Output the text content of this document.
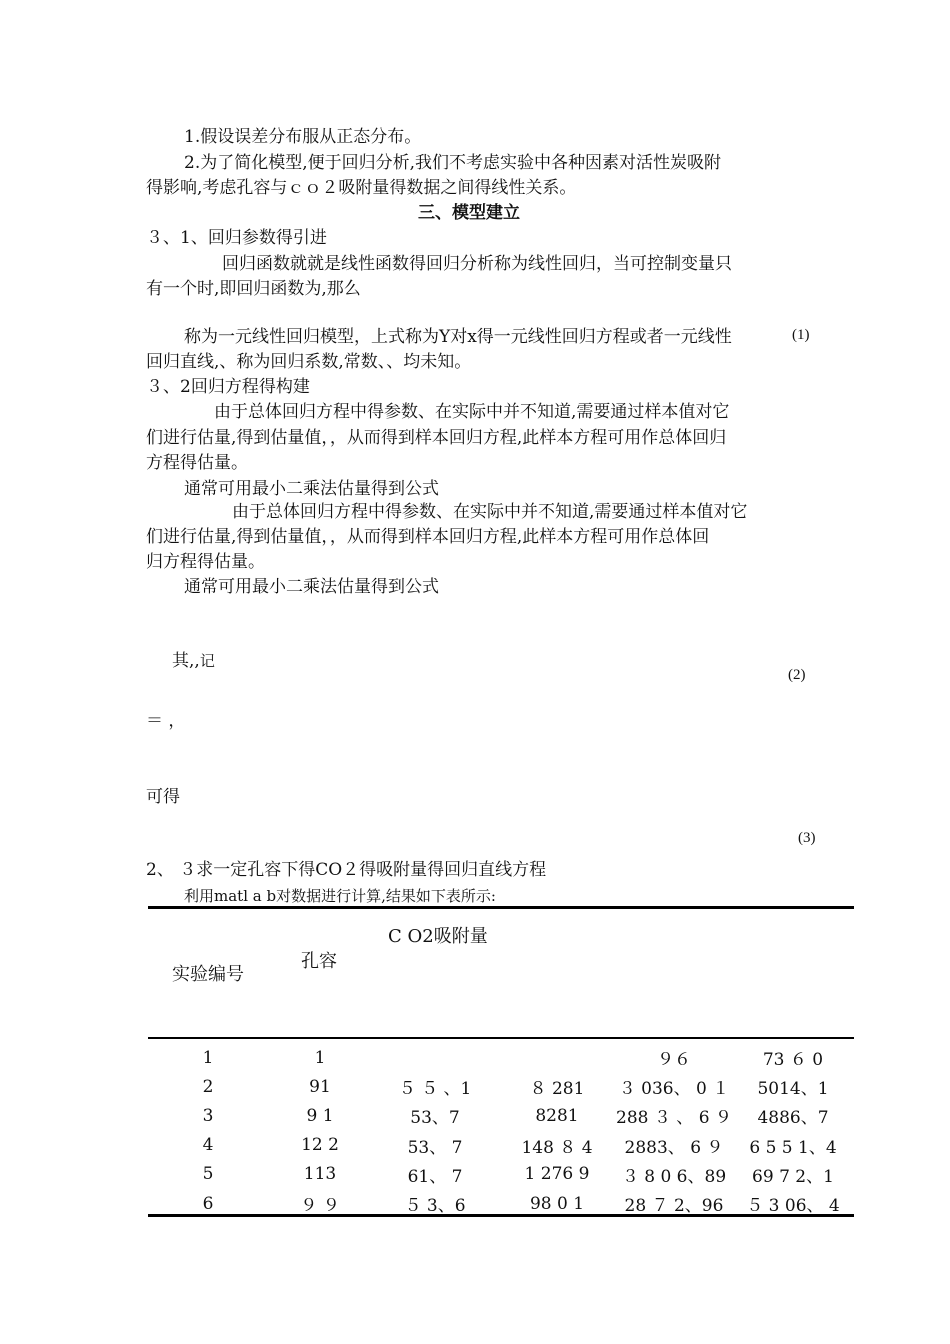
1.假设误差分布服从正态分布。
2.为了简化模型,便于回归分析,我们不考虑实验中各种因素对活性炭吸附
得影响,考虑孔容与ｃｏ２吸附量得数据之间得线性关系。
三、模型建立
３、1、回归参数得引进
回归函数就就是线性函数得回归分析称为线性回归，当可控制变量只
有一个时,即回归函数为,那么
称为一元线性回归模型，上式称为Y对x得一元线性回归方程或者一元线性	(1)
回归直线,、称为回归系数,常数、、均未知。
３、2回归方程得构建
由于总体回归方程中得参数、在实际中并不知道,需要通过样本值对它
们进行估量,得到估量值，，从而得到样本回归方程,此样本方程可用作总体回归
方程得估量。
通常可用最小二乘法估量得到公式
由于总体回归方程中得参数、在实际中并不知道,需要通过样本值对它
们进行估量,得到估量值，，从而得到样本回归方程,此样本方程可用作总体回
归方程得估量。
通常可用最小二乘法估量得到公式
其,,记
(2)
＝ ，
可得
(3)
2、 ３求一定孔容下得CO２得吸附量得回归直线方程
利用matl a b对数据进行计算,结果如下表所示:
实验编号
孔容
C O2吸附量
1	1			９６	73 ６ 0
2	91	５ ５ 、1	８ 281	３ 036、 0 １	5014、1
3	9 1	53、7	8281	288 ３ 、 6 ９	4886、7
4	12 2	53、 7	148 ８ 4	2883、 6 ９	6 5 5 1、4
5	113	61、 7	1 276 9	３ 8 0 6、89	69 7 2、1
6	９ ９	５ 3、6	98 0 1	28 ７ 2、96	５ 3 06、 4
